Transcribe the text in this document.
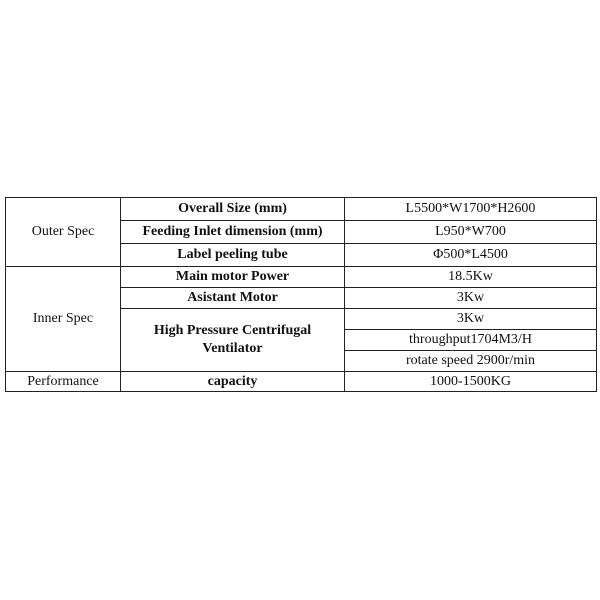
Outer Spec	Overall Size (mm)	L5500*W1700*H2600
	Feeding Inlet dimension (mm)	L950*W700
	Label peeling tube	Φ500*L4500
Inner Spec	Main motor Power	18.5Kw
	Asistant Motor	3Kw
	High Pressure Centrifugal Ventilator	3Kw
		throughput1704M3/H
		rotate speed 2900r/min
Performance	capacity	1000-1500KG
